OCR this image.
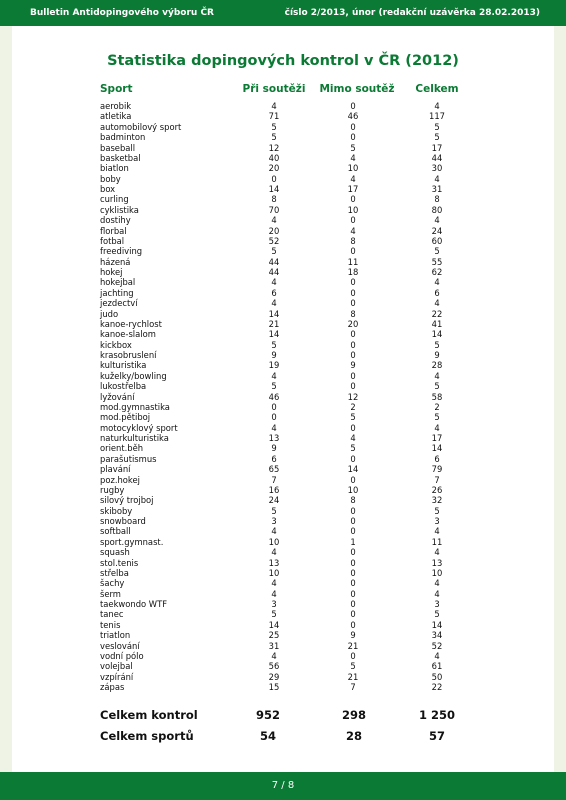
Bulletin Antidopingového výboru ČR	číslo 2/2013, únor (redakční uzávěrka 28.02.2013)
Statistika dopingových kontrol v ČR (2012)
Sport	Při soutěži	Mimo soutěž	Celkem
aerobik	4	0	4
atletika	71	46	117
automobilový sport	5	0	5
badminton	5	0	5
baseball	12	5	17
basketbal	40	4	44
biatlon	20	10	30
boby	0	4	4
box	14	17	31
curling	8	0	8
cyklistika	70	10	80
dostihy	4	0	4
florbal	20	4	24
fotbal	52	8	60
freediving	5	0	5
házená	44	11	55
hokej	44	18	62
hokejbal	4	0	4
jachting	6	0	6
jezdectví	4	0	4
judo	14	8	22
kanoe-rychlost	21	20	41
kanoe-slalom	14	0	14
kickbox	5	0	5
krasobruslení	9	0	9
kulturistika	19	9	28
kuželky/bowling	4	0	4
lukostřelba	5	0	5
lyžování	46	12	58
mod.gymnastika	0	2	2
mod.pětiboj	0	5	5
motocyklový sport	4	0	4
naturkulturistika	13	4	17
orient.běh	9	5	14
parašutismus	6	0	6
plavání	65	14	79
poz.hokej	7	0	7
rugby	16	10	26
silový trojboj	24	8	32
skiboby	5	0	5
snowboard	3	0	3
softball	4	0	4
sport.gymnast.	10	1	11
squash	4	0	4
stol.tenis	13	0	13
střelba	10	0	10
šachy	4	0	4
šerm	4	0	4
taekwondo WTF	3	0	3
tanec	5	0	5
tenis	14	0	14
triatlon	25	9	34
veslování	31	21	52
vodní pólo	4	0	4
volejbal	56	5	61
vzpírání	29	21	50
zápas	15	7	22
Celkem kontrol	952	298	1 250
Celkem sportů	54	28	57
7 / 8
